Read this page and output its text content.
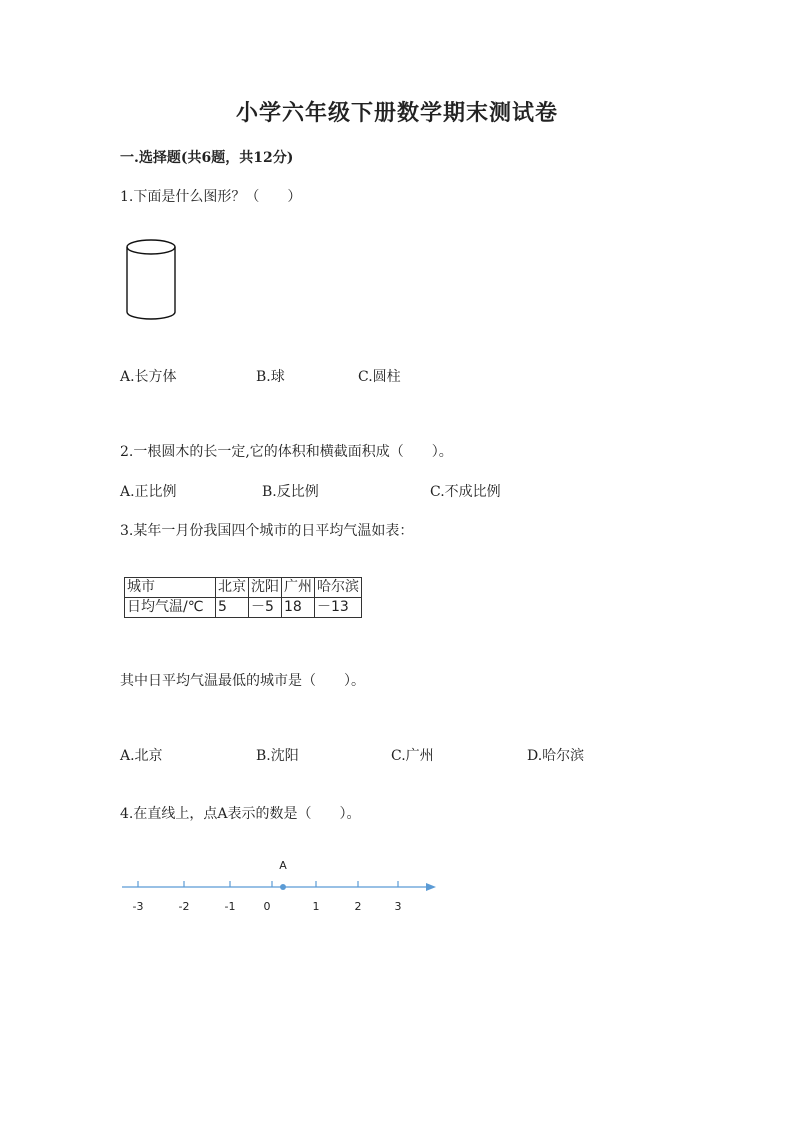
小学六年级下册数学期末测试卷
一.选择题(共6题，共12分)
1.下面是什么图形？（　　）
A.长方体	B.球	C.圆柱
2.一根圆木的长一定,它的体积和横截面积成（　　）。
A.正比例	B.反比例	C.不成比例
3.某年一月份我国四个城市的日平均气温如表：
城市	北京	沈阳	广州	哈尔滨
日均气温/℃	5	－5	18	－13
其中日平均气温最低的城市是（　　）。
A.北京	B.沈阳	C.广州	D.哈尔滨
4.在直线上，点A表示的数是（　　）。
-3	-2	-1	0	1	2	3
A
